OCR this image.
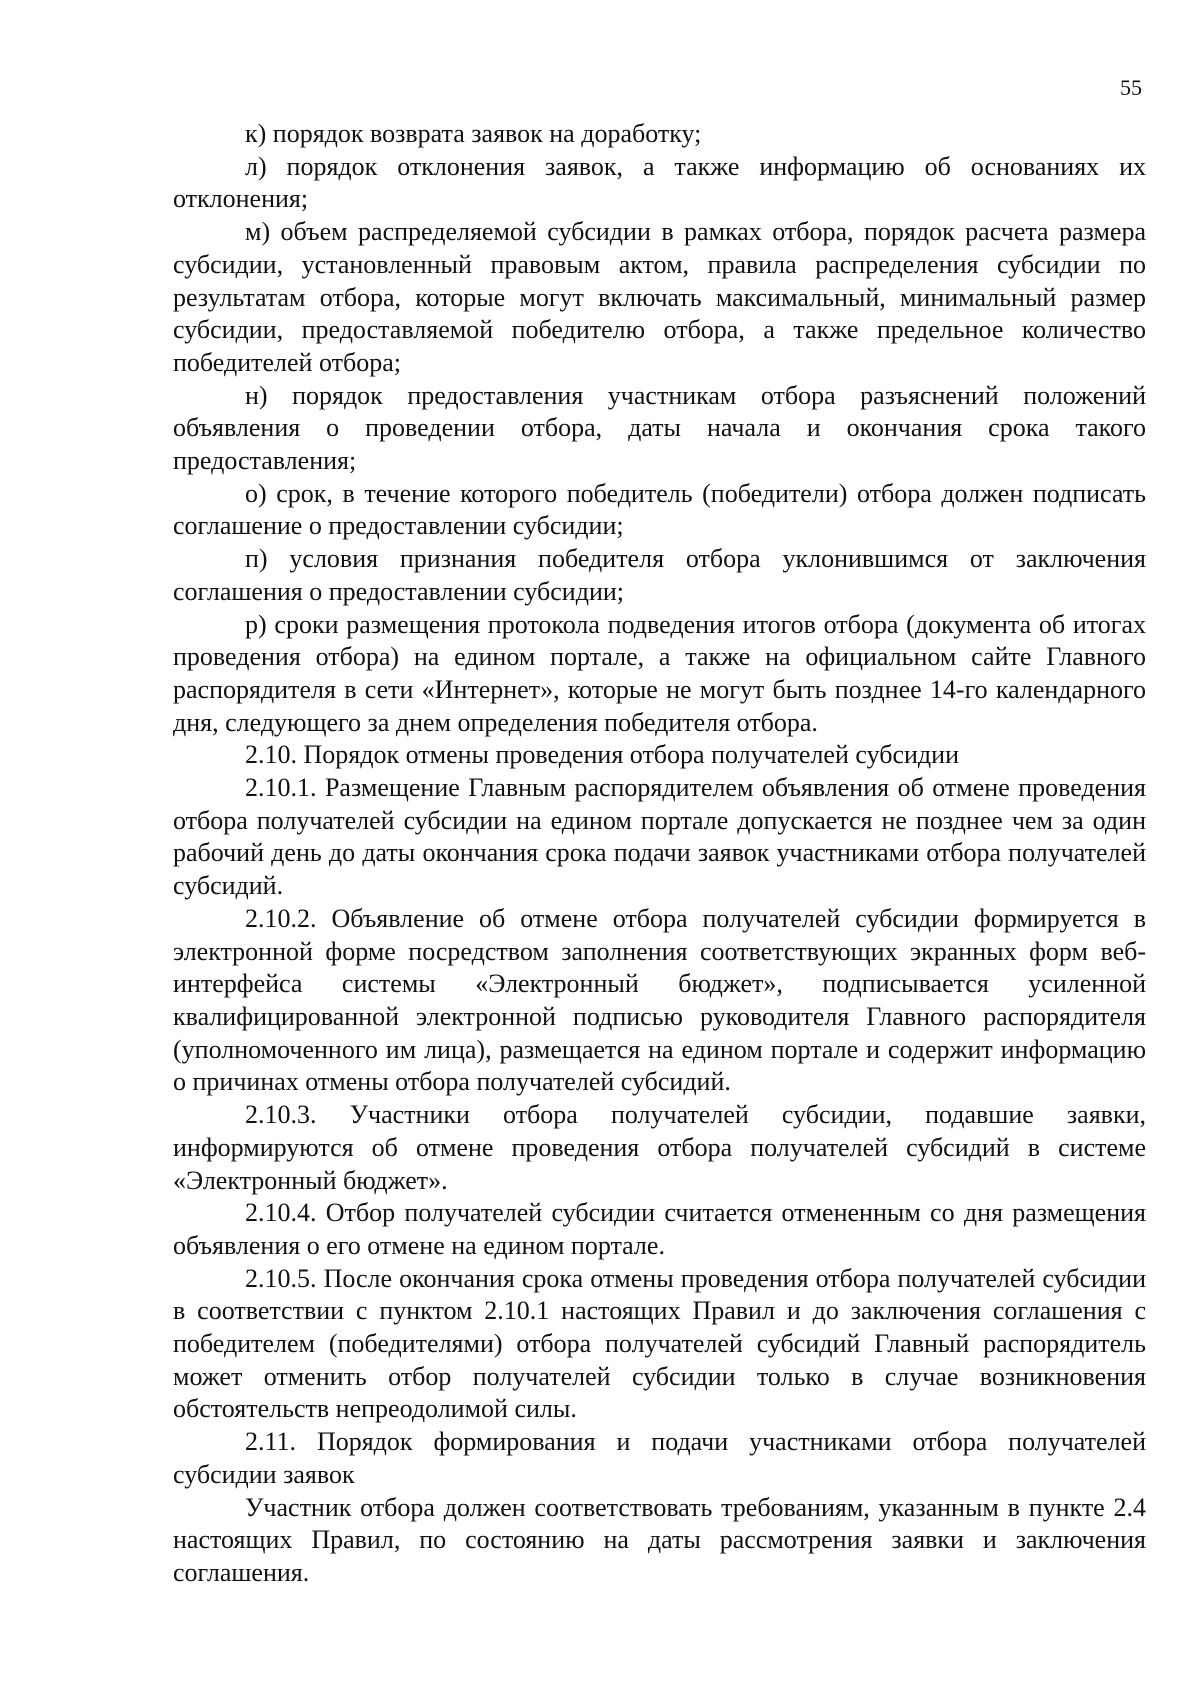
55

к) порядок возврата заявок на доработку;

л) порядок отклонения заявок, а также информацию об основаниях их отклонения;

м) объем распределяемой субсидии в рамках отбора, порядок расчета размера субсидии, установленный правовым актом, правила распределения субсидии по результатам отбора, которые могут включать максимальный, минимальный размер субсидии, предоставляемой победителю отбора, а также предельное количество победителей отбора;

н) порядок предоставления участникам отбора разъяснений положений объявления о проведении отбора, даты начала и окончания срока такого предоставления;

о) срок, в течение которого победитель (победители) отбора должен подписать соглашение о предоставлении субсидии;

п) условия признания победителя отбора уклонившимся от заключения соглашения о предоставлении субсидии;

р) сроки размещения протокола подведения итогов отбора (документа об итогах проведения отбора) на едином портале, а также на официальном сайте Главного распорядителя в сети «Интернет», которые не могут быть позднее 14-го календарного дня, следующего за днем определения победителя отбора.

2.10. Порядок отмены проведения отбора получателей субсидии

2.10.1. Размещение Главным распорядителем объявления об отмене проведения отбора получателей субсидии на едином портале допускается не позднее чем за один рабочий день до даты окончания срока подачи заявок участниками отбора получателей субсидий.

2.10.2. Объявление об отмене отбора получателей субсидии формируется в электронной форме посредством заполнения соответствующих экранных форм веб-интерфейса системы «Электронный бюджет», подписывается усиленной квалифицированной электронной подписью руководителя Главного распорядителя (уполномоченного им лица), размещается на едином портале и содержит информацию о причинах отмены отбора получателей субсидий.

2.10.3. Участники отбора получателей субсидии, подавшие заявки, информируются об отмене проведения отбора получателей субсидий в системе «Электронный бюджет».

2.10.4. Отбор получателей субсидии считается отмененным со дня размещения объявления о его отмене на едином портале.

2.10.5. После окончания срока отмены проведения отбора получателей субсидии в соответствии с пунктом 2.10.1 настоящих Правил и до заключения соглашения с победителем (победителями) отбора получателей субсидий Главный распорядитель может отменить отбор получателей субсидии только в случае возникновения обстоятельств непреодолимой силы.

2.11. Порядок формирования и подачи участниками отбора получателей субсидии заявок

Участник отбора должен соответствовать требованиям, указанным в пункте 2.4 настоящих Правил, по состоянию на даты рассмотрения заявки и заключения соглашения.
